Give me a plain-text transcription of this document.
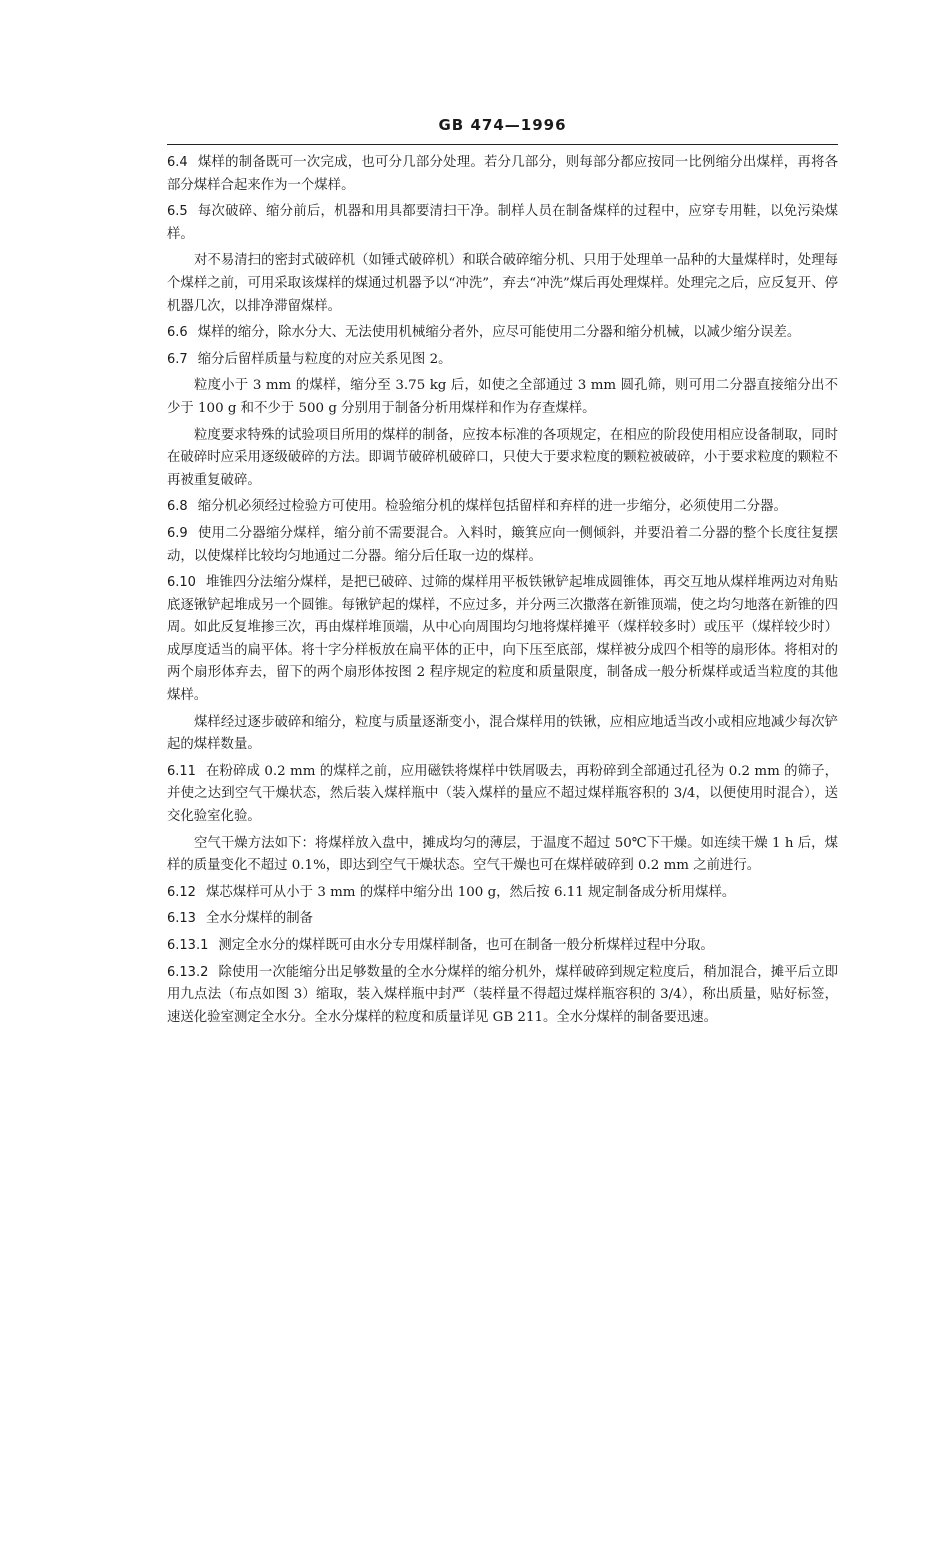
GB 474—1996

6.4 煤样的制备既可一次完成，也可分几部分处理。若分几部分，则每部分都应按同一比例缩分出煤样，再将各部分煤样合起来作为一个煤样。

6.5 每次破碎、缩分前后，机器和用具都要清扫干净。制样人员在制备煤样的过程中，应穿专用鞋，以免污染煤样。

对不易清扫的密封式破碎机（如锤式破碎机）和联合破碎缩分机、只用于处理单一品种的大量煤样时，处理每个煤样之前，可用采取该煤样的煤通过机器予以“冲洗”，弃去“冲洗”煤后再处理煤样。处理完之后，应反复开、停机器几次，以排净滞留煤样。

6.6 煤样的缩分，除水分大、无法使用机械缩分者外，应尽可能使用二分器和缩分机械，以减少缩分误差。

6.7 缩分后留样质量与粒度的对应关系见图 2。

粒度小于 3 mm 的煤样，缩分至 3.75 kg 后，如使之全部通过 3 mm 圆孔筛，则可用二分器直接缩分出不少于 100 g 和不少于 500 g 分别用于制备分析用煤样和作为存查煤样。

粒度要求特殊的试验项目所用的煤样的制备，应按本标准的各项规定，在相应的阶段使用相应设备制取，同时在破碎时应采用逐级破碎的方法。即调节破碎机破碎口，只使大于要求粒度的颗粒被破碎，小于要求粒度的颗粒不再被重复破碎。

6.8 缩分机必须经过检验方可使用。检验缩分机的煤样包括留样和弃样的进一步缩分，必须使用二分器。

6.9 使用二分器缩分煤样，缩分前不需要混合。入料时，簸箕应向一侧倾斜，并要沿着二分器的整个长度往复摆动，以使煤样比较均匀地通过二分器。缩分后任取一边的煤样。

6.10 堆锥四分法缩分煤样，是把已破碎、过筛的煤样用平板铁锹铲起堆成圆锥体，再交互地从煤样堆两边对角贴底逐锹铲起堆成另一个圆锥。每锹铲起的煤样，不应过多，并分两三次撒落在新锥顶端，使之均匀地落在新锥的四周。如此反复堆掺三次，再由煤样堆顶端，从中心向周围均匀地将煤样摊平（煤样较多时）或压平（煤样较少时）成厚度适当的扁平体。将十字分样板放在扁平体的正中，向下压至底部，煤样被分成四个相等的扇形体。将相对的两个扇形体弃去，留下的两个扇形体按图 2 程序规定的粒度和质量限度，制备成一般分析煤样或适当粒度的其他煤样。

煤样经过逐步破碎和缩分，粒度与质量逐渐变小，混合煤样用的铁锹，应相应地适当改小或相应地减少每次铲起的煤样数量。

6.11 在粉碎成 0.2 mm 的煤样之前，应用磁铁将煤样中铁屑吸去，再粉碎到全部通过孔径为 0.2 mm 的筛子，并使之达到空气干燥状态，然后装入煤样瓶中（装入煤样的量应不超过煤样瓶容积的 3/4，以便使用时混合），送交化验室化验。

空气干燥方法如下：将煤样放入盘中，摊成均匀的薄层，于温度不超过 50℃下干燥。如连续干燥 1 h 后，煤样的质量变化不超过 0.1%，即达到空气干燥状态。空气干燥也可在煤样破碎到 0.2 mm 之前进行。

6.12 煤芯煤样可从小于 3 mm 的煤样中缩分出 100 g，然后按 6.11 规定制备成分析用煤样。

6.13 全水分煤样的制备

6.13.1 测定全水分的煤样既可由水分专用煤样制备，也可在制备一般分析煤样过程中分取。

6.13.2 除使用一次能缩分出足够数量的全水分煤样的缩分机外，煤样破碎到规定粒度后，稍加混合，摊平后立即用九点法（布点如图 3）缩取，装入煤样瓶中封严（装样量不得超过煤样瓶容积的 3/4），称出质量，贴好标签，速送化验室测定全水分。全水分煤样的粒度和质量详见 GB 211。全水分煤样的制备要迅速。
